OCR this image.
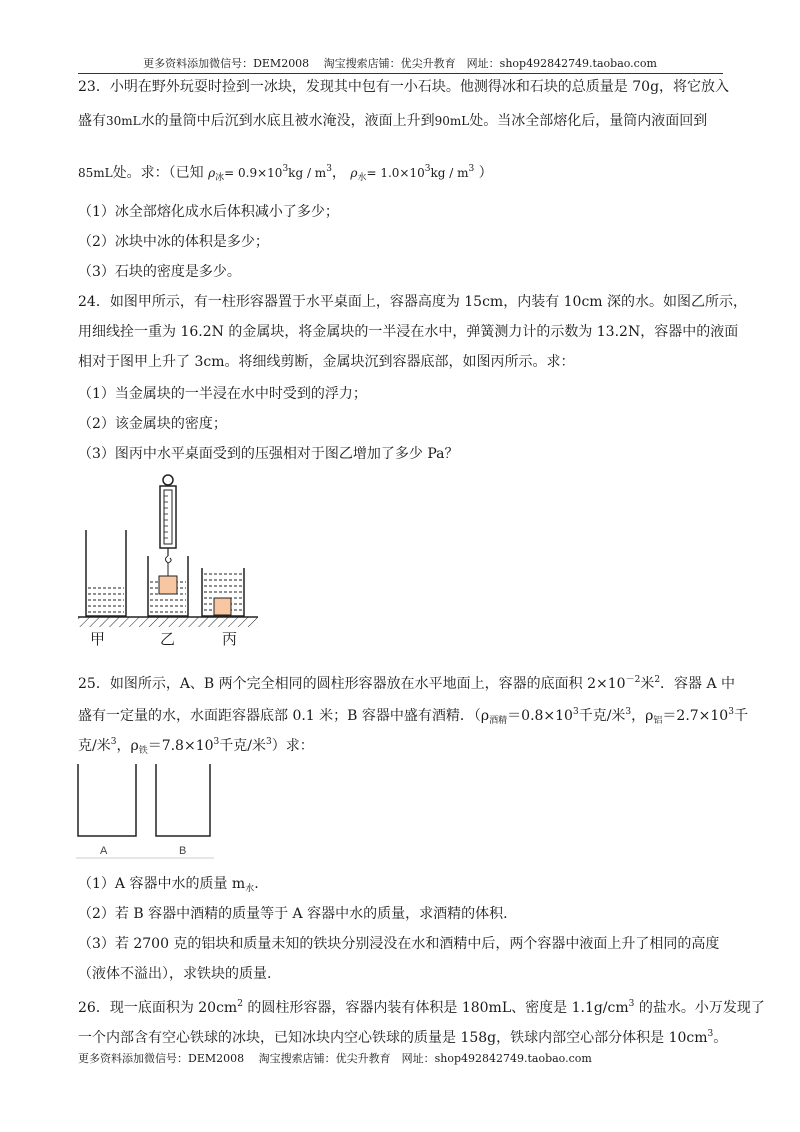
更多资料添加微信号：DEM2008　 淘宝搜索店铺：优尖升教育　网址：shop492842749.taobao.com
23．小明在野外玩耍时捡到一冰块，发现其中包有一小石块。他测得冰和石块的总质量是 70g，将它放入
盛有30mL水的量筒中后沉到水底且被水淹没，液面上升到90mL处。当冰全部熔化后，量筒内液面回到
85mL处。求：（已知 $\rho_冰= 0.9\times 10^3kg / m^3$， $\rho_水= 1.0\times 10^3kg / m^3$ ）
（1）冰全部熔化成水后体积减小了多少；
（2）冰块中冰的体积是多少；
（3）石块的密度是多少。
24．如图甲所示，有一柱形容器置于水平桌面上，容器高度为 15cm，内装有 10cm 深的水。如图乙所示，
用细线拴一重为 16.2N 的金属块，将金属块的一半浸在水中，弹簧测力计的示数为 13.2N，容器中的液面
相对于图甲上升了 3cm。将细线剪断，金属块沉到容器底部，如图丙所示。求：
（1）当金属块的一半浸在水中时受到的浮力；
（2）该金属块的密度；
（3）图丙中水平桌面受到的压强相对于图乙增加了多少 Pa？
甲	乙	丙
25．如图所示，A、B 两个完全相同的圆柱形容器放在水平地面上，容器的底面积 $2\times 10^{-2}$米$^2$．容器 A 中
盛有一定量的水，水面距容器底部 0.1 米；B 容器中盛有酒精．（$\rho_{酒精}=0.8\times 10^3$千克/米$^3$，$\rho_铝=2.7\times 10^3$千
克/米$^3$，$\rho_铁=7.8\times 10^3$千克/米$^3$）求：
A	B
（1）A 容器中水的质量 $m_水$.
（2）若 B 容器中酒精的质量等于 A 容器中水的质量，求酒精的体积.
（3）若 2700 克的铝块和质量未知的铁块分别浸没在水和酒精中后，两个容器中液面上升了相同的高度
（液体不溢出），求铁块的质量.
26．现一底面积为 $20cm^2$ 的圆柱形容器，容器内装有体积是 180mL、密度是 $1.1g/cm^3$ 的盐水。小万发现了
一个内部含有空心铁球的冰块，已知冰块内空心铁球的质量是 158g，铁球内部空心部分体积是 $10cm^3$。
更多资料添加微信号：DEM2008　 淘宝搜索店铺：优尖升教育　网址：shop492842749.taobao.com
